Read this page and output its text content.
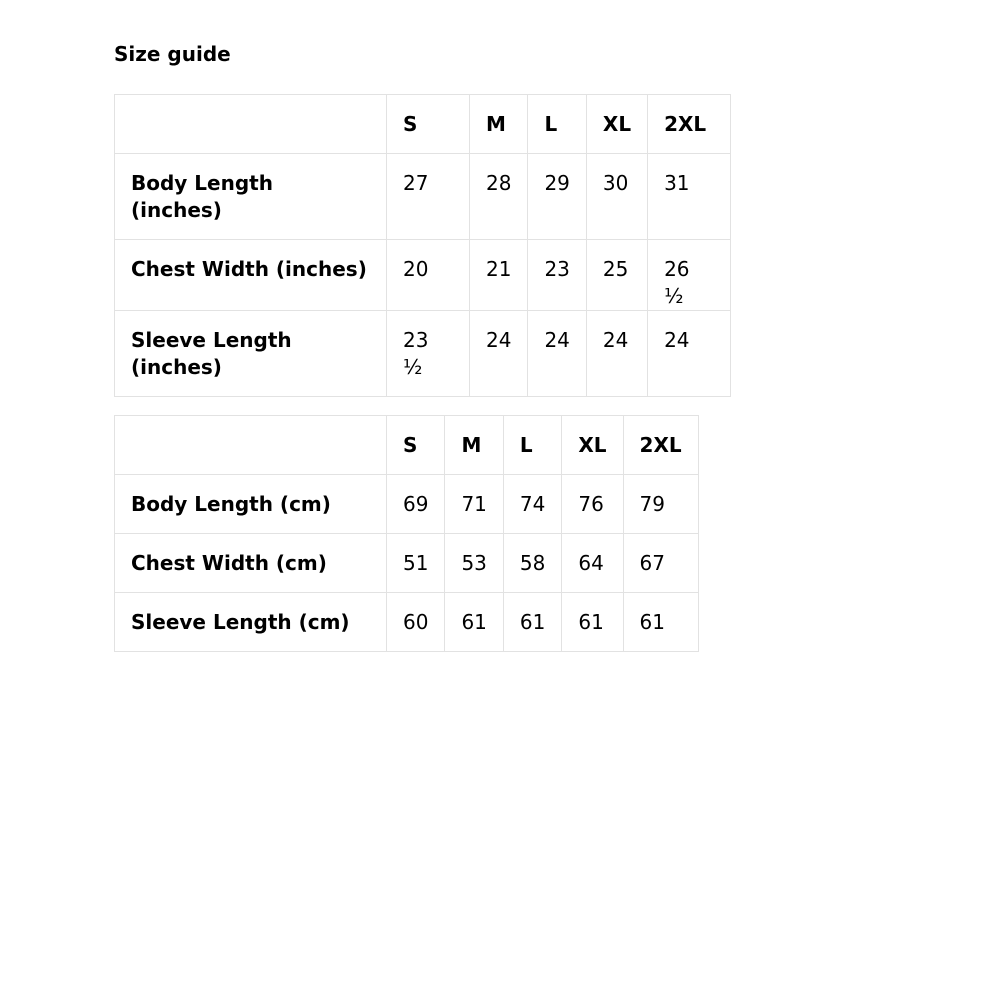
Size guide
	S	M	L	XL	2XL
Body Length (inches)	27	28	29	30	31
Chest Width (inches)	20	21	23	25	26 ½
Sleeve Length (inches)	23 ½	24	24	24	24
	S	M	L	XL	2XL
Body Length (cm)	69	71	74	76	79
Chest Width (cm)	51	53	58	64	67
Sleeve Length (cm)	60	61	61	61	61
